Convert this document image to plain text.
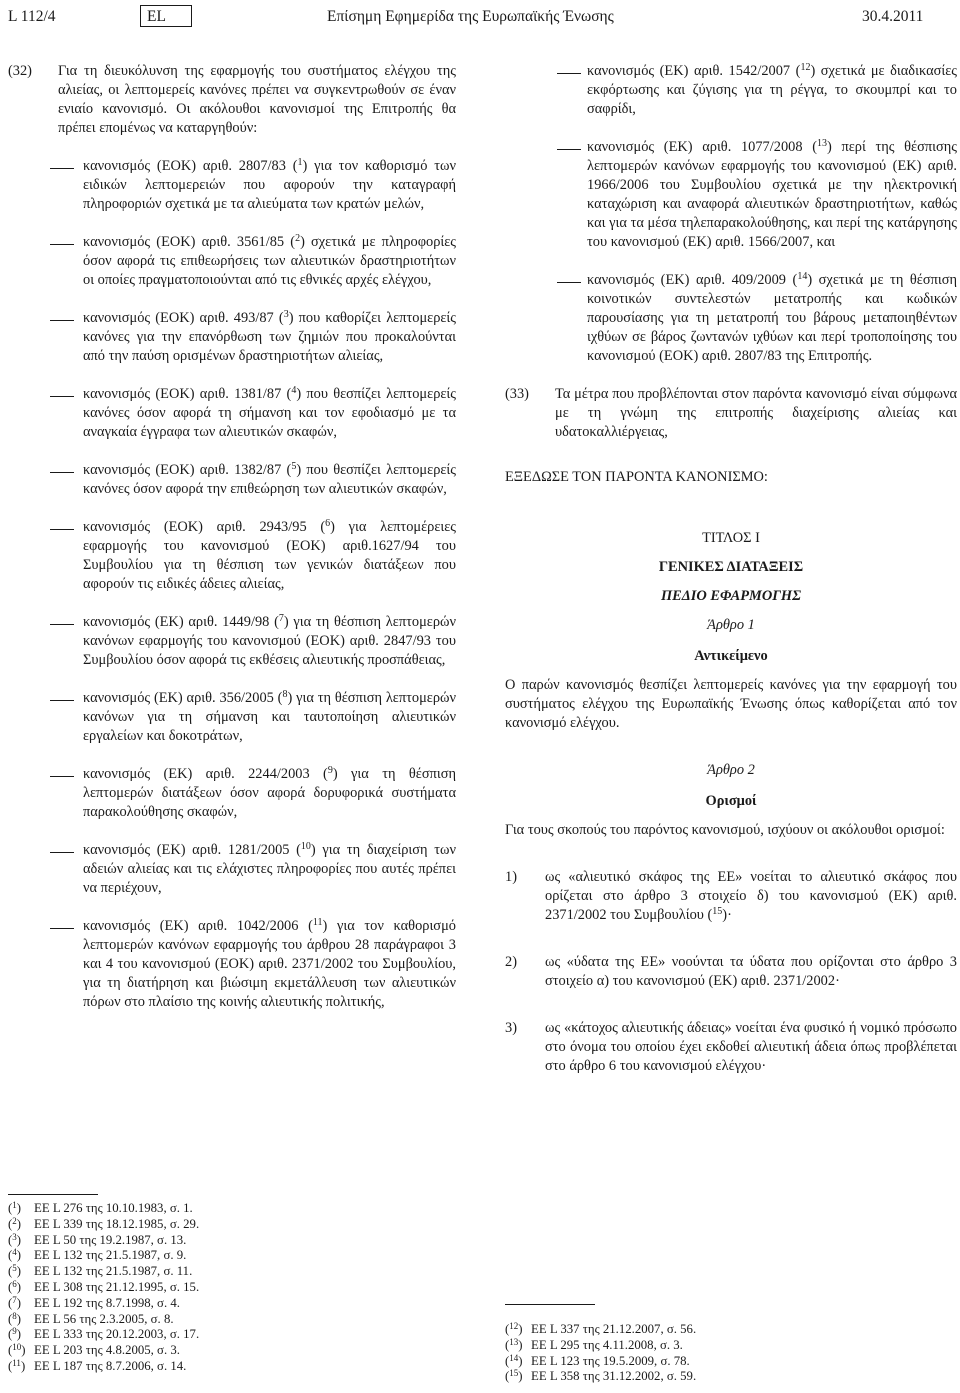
L 112/4	EL	Επίσημη Εφημερίδα της Ευρωπαϊκής Ένωσης	30.4.2011
(32) Για τη διευκόλυνση της εφαρμογής του συστήματος ελέγχου της αλιείας, οι λεπτομερείς κανόνες πρέπει να συγκεντρωθούν σε έναν ενιαίο κανονισμό. Οι ακόλουθοι κανονισμοί της Επιτροπής θα πρέπει επομένως να καταργηθούν:

κανονισμός (ΕΟΚ) αριθ. 2807/83 ($^1$) για τον καθορισμό των ειδικών λεπτομερειών που αφορούν την καταγραφή πληροφοριών σχετικά με τα αλιεύματα των κρατών μελών,
κανονισμός (ΕΟΚ) αριθ. 3561/85 ($^2$) σχετικά με πληροφορίες όσον αφορά τις επιθεωρήσεις των αλιευτικών δραστηριοτήτων οι οποίες πραγματοποιούνται από τις εθνικές αρχές ελέγχου,
κανονισμός (ΕΟΚ) αριθ. 493/87 ($^3$) που καθορίζει λεπτομερείς κανόνες για την επανόρθωση των ζημιών που προκαλούνται από την παύση ορισμένων δραστηριοτήτων αλιείας,
κανονισμός (ΕΟΚ) αριθ. 1381/87 ($^4$) που θεσπίζει λεπτομερείς κανόνες όσον αφορά τη σήμανση και τον εφοδιασμό με τα αναγκαία έγγραφα των αλιευτικών σκαφών,
κανονισμός (ΕΟΚ) αριθ. 1382/87 ($^5$) που θεσπίζει λεπτομερείς κανόνες όσον αφορά την επιθεώρηση των αλιευτικών σκαφών,
κανονισμός (ΕΟΚ) αριθ. 2943/95 ($^6$) για λεπτομέρειες εφαρμογής του κανονισμού (ΕΟΚ) αριθ.1627/94 του Συμβουλίου για τη θέσπιση των γενικών διατάξεων που αφορούν τις ειδικές άδειες αλιείας,
κανονισμός (ΕΚ) αριθ. 1449/98 ($^7$) για τη θέσπιση λεπτομερών κανόνων εφαρμογής του κανονισμού (ΕΟΚ) αριθ. 2847/93 του Συμβουλίου όσον αφορά τις εκθέσεις αλιευτικής προσπάθειας,
κανονισμός (ΕΚ) αριθ. 356/2005 ($^8$) για τη θέσπιση λεπτομερών κανόνων για τη σήμανση και ταυτοποίηση αλιευτικών εργαλείων και δοκοτράτων,
κανονισμός (ΕΚ) αριθ. 2244/2003 ($^9$) για τη θέσπιση λεπτομερών διατάξεων όσον αφορά δορυφορικά συστήματα παρακολούθησης σκαφών,
κανονισμός (ΕΚ) αριθ. 1281/2005 ($^{10}$) για τη διαχείριση των αδειών αλιείας και τις ελάχιστες πληροφορίες που αυτές πρέπει να περιέχουν,
κανονισμός (ΕΚ) αριθ. 1042/2006 ($^{11}$) για τον καθορισμό λεπτομερών κανόνων εφαρμογής του άρθρου 28 παράγραφοι 3 και 4 του κανονισμού (ΕΟΚ) αριθ. 2371/2002 του Συμβουλίου, για τη διατήρηση και βιώσιμη εκμετάλλευση των αλιευτικών πόρων στο πλαίσιο της κοινής αλιευτικής πολιτικής,

($^1$) ΕΕ L 276 της 10.10.1983, σ. 1.

($^2$) ΕΕ L 339 της 18.12.1985, σ. 29.

($^3$) ΕΕ L 50 της 19.2.1987, σ. 13.

($^4$) ΕΕ L 132 της 21.5.1987, σ. 9.

($^5$) ΕΕ L 132 της 21.5.1987, σ. 11.

($^6$) ΕΕ L 308 της 21.12.1995, σ. 15.

($^7$) ΕΕ L 192 της 8.7.1998, σ. 4.

($^8$) ΕΕ L 56 της 2.3.2005, σ. 8.

($^9$) ΕΕ L 333 της 20.12.2003, σ. 17.

($^{10}$) ΕΕ L 203 της 4.8.2005, σ. 3.

($^{11}$) ΕΕ L 187 της 8.7.2006, σ. 14.

κανονισμός (ΕΚ) αριθ. 1542/2007 ($^{12}$) σχετικά με διαδικασίες εκφόρτωσης και ζύγισης για τη ρέγγα, το σκουμπρί και το σαφρίδι,
κανονισμός (ΕΚ) αριθ. 1077/2008 ($^{13}$) περί της θέσπισης λεπτομερών κανόνων εφαρμογής του κανονισμού (ΕΚ) αριθ. 1966/2006 του Συμβουλίου σχετικά με την ηλεκτρονική καταχώριση και αναφορά αλιευτικών δραστηριοτήτων, καθώς και για τα μέσα τηλεπαρακολούθησης, και περί της κατάργησης του κανονισμού (ΕΚ) αριθ. 1566/2007, και
κανονισμός (ΕΚ) αριθ. 409/2009 ($^{14}$) σχετικά με τη θέσπιση κοινοτικών συντελεστών μετατροπής και κωδικών παρουσίασης για τη μετατροπή του βάρους μεταποιηθέντων ιχθύων σε βάρος ζωντανών ιχθύων και περί τροποποίησης του κανονισμού (ΕΟΚ) αριθ. 2807/83 της Επιτροπής.
(33) Τα μέτρα που προβλέπονται στον παρόντα κανονισμό είναι σύμφωνα με τη γνώμη της επιτροπής διαχείρισης αλιείας και υδατοκαλλιέργειας,

ΕΞΕΔΩΣΕ ΤΟΝ ΠΑΡΟΝΤΑ ΚΑΝΟΝΙΣΜΟ:

ΤΙΤΛΟΣ I

ΓΕΝΙΚΕΣ ΔΙΑΤΑΞΕΙΣ

ΠΕΔΙΟ ΕΦΑΡΜΟΓΗΣ

Άρθρο 1

Αντικείμενο

Ο παρών κανονισμός θεσπίζει λεπτομερείς κανόνες για την εφαρμογή του συστήματος ελέγχου της Ευρωπαϊκής Ένωσης όπως καθορίζεται από τον κανονισμό ελέγχου.

Άρθρο 2

Ορισμοί

Για τους σκοπούς του παρόντος κανονισμού, ισχύουν οι ακόλουθοι ορισμοί:

1) ως «αλιευτικό σκάφος της ΕΕ» νοείται το αλιευτικό σκάφος που ορίζεται στο άρθρο 3 στοιχείο δ) του κανονισμού (ΕΚ) αριθ. 2371/2002 του Συμβουλίου ($^{15}$)·

2) ως «ύδατα της ΕΕ» νοούνται τα ύδατα που ορίζονται στο άρθρο 3 στοιχείο α) του κανονισμού (ΕΚ) αριθ. 2371/2002·

3) ως «κάτοχος αλιευτικής άδειας» νοείται ένα φυσικό ή νομικό πρόσωπο στο όνομα του οποίου έχει εκδοθεί αλιευτική άδεια όπως προβλέπεται στο άρθρο 6 του κανονισμού ελέγχου·

($^{12}$) ΕΕ L 337 της 21.12.2007, σ. 56.

($^{13}$) ΕΕ L 295 της 4.11.2008, σ. 3.

($^{14}$) ΕΕ L 123 της 19.5.2009, σ. 78.

($^{15}$) ΕΕ L 358 της 31.12.2002, σ. 59.
